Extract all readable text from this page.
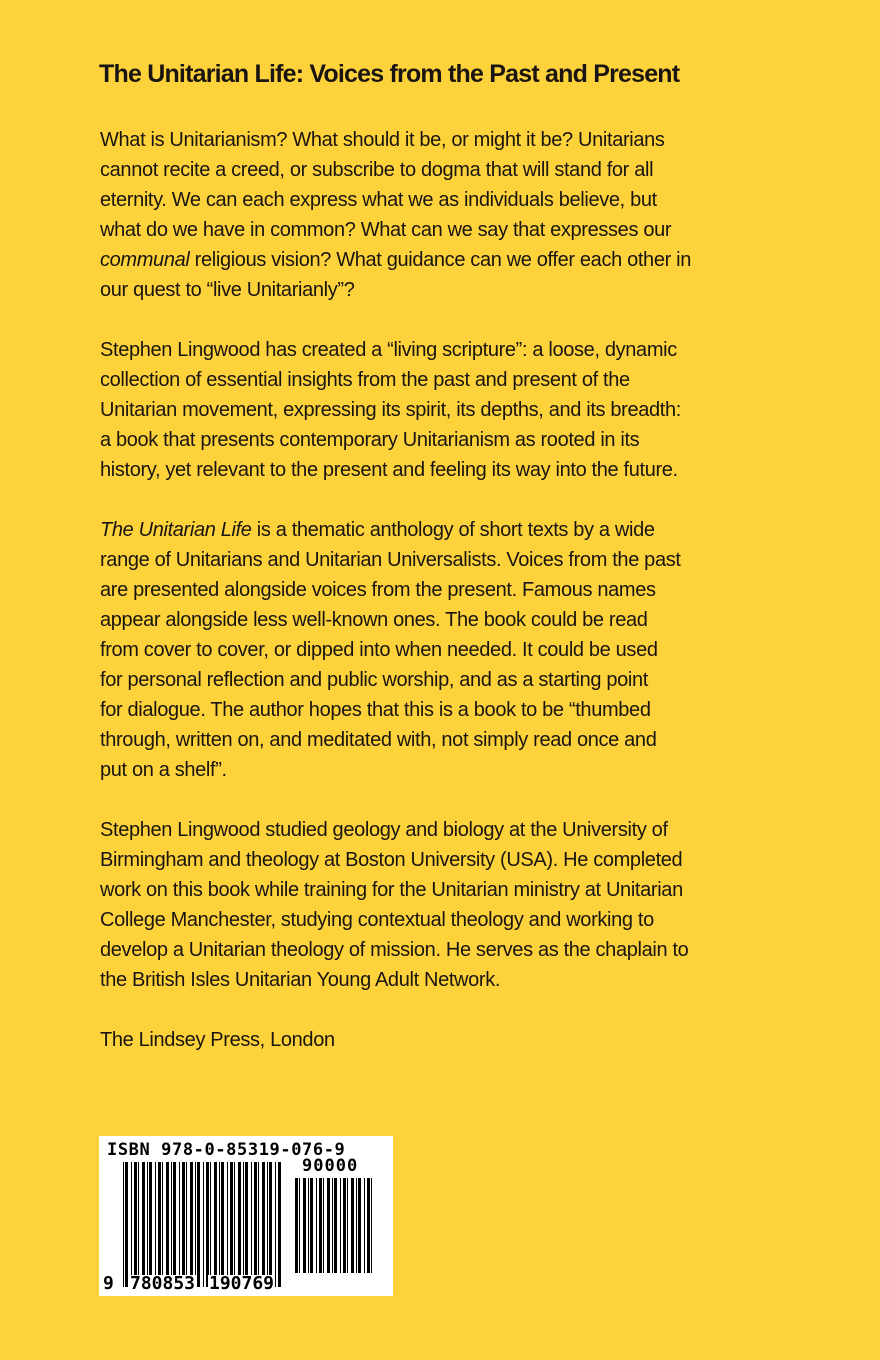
The Unitarian Life: Voices from the Past and Present
What is Unitarianism? What should it be, or might it be? Unitarians
cannot recite a creed, or subscribe to dogma that will stand for all
eternity. We can each express what we as individuals believe, but
what do we have in common? What can we say that expresses our
communal religious vision? What guidance can we offer each other in
our quest to “live Unitarianly”?
Stephen Lingwood has created a “living scripture”: a loose, dynamic
collection of essential insights from the past and present of the
Unitarian movement, expressing its spirit, its depths, and its breadth:
a book that presents contemporary Unitarianism as rooted in its
history, yet relevant to the present and feeling its way into the future.
The Unitarian Life is a thematic anthology of short texts by a wide
range of Unitarians and Unitarian Universalists. Voices from the past
are presented alongside voices from the present. Famous names
appear alongside less well-known ones. The book could be read
from cover to cover, or dipped into when needed. It could be used
for personal reflection and public worship, and as a starting point
for dialogue. The author hopes that this is a book to be “thumbed
through, written on, and meditated with, not simply read once and
put on a shelf”.
Stephen Lingwood studied geology and biology at the University of
Birmingham and theology at Boston University (USA). He completed
work on this book while training for the Unitarian ministry at Unitarian
College Manchester, studying contextual theology and working to
develop a Unitarian theology of mission. He serves as the chaplain to
the British Isles Unitarian Young Adult Network.
The Lindsey Press, London
ISBN 978-0-85319-076-9
90000
9 780853 190769
